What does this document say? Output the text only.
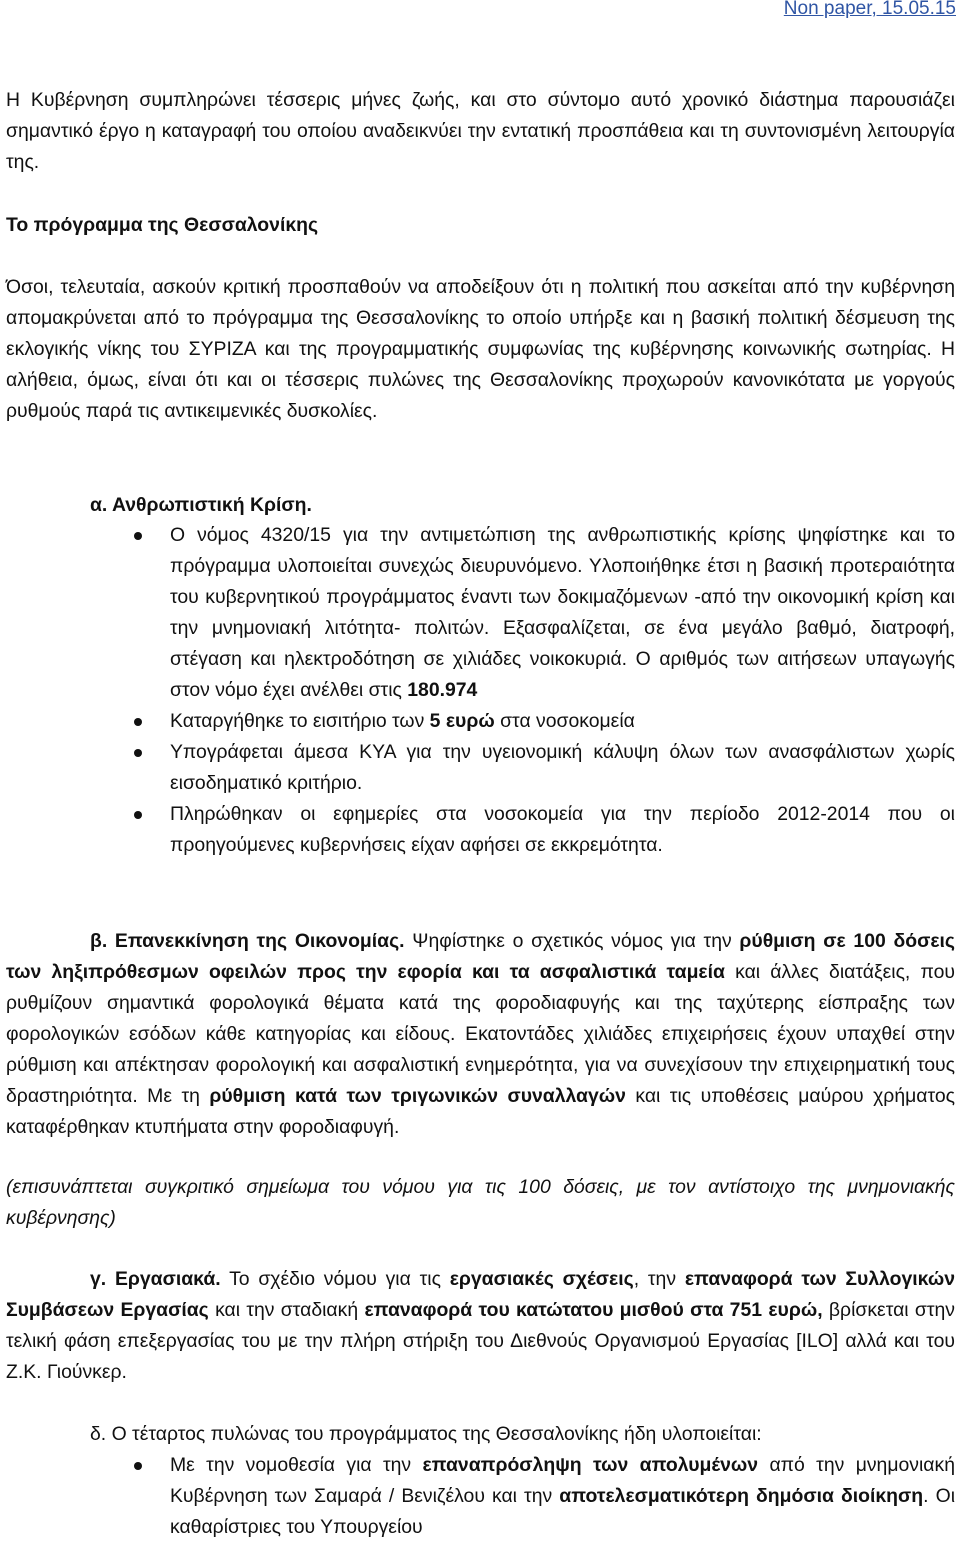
Non paper, 15.05.15
Η Κυβέρνηση συμπληρώνει τέσσερις μήνες ζωής, και στο σύντομο αυτό χρονικό διάστημα παρουσιάζει σημαντικό έργο η καταγραφή του οποίου αναδεικνύει την εντατική προσπάθεια και τη συντονισμένη λειτουργία της.
Το πρόγραμμα της Θεσσαλονίκης
Όσοι, τελευταία, ασκούν κριτική προσπαθούν να αποδείξουν ότι η πολιτική που ασκείται από την κυβέρνηση απομακρύνεται από το πρόγραμμα της Θεσσαλονίκης το οποίο υπήρξε και η βασική πολιτική δέσμευση της εκλογικής νίκης του ΣΥΡΙΖΑ και της προγραμματικής συμφωνίας της κυβέρνησης κοινωνικής σωτηρίας. Η αλήθεια, όμως, είναι ότι και οι τέσσερις πυλώνες της Θεσσαλονίκης προχωρούν κανονικότατα με γοργούς ρυθμούς παρά τις αντικειμενικές δυσκολίες.
α. Ανθρωπιστική Κρίση.
Ο νόμος 4320/15 για την αντιμετώπιση της ανθρωπιστικής κρίσης ψηφίστηκε και το πρόγραμμα υλοποιείται συνεχώς διευρυνόμενο. Υλοποιήθηκε έτσι η βασική προτεραιότητα του κυβερνητικού προγράμματος έναντι των δοκιμαζόμενων -από την οικονομική κρίση και την μνημονιακή λιτότητα- πολιτών. Εξασφαλίζεται, σε ένα μεγάλο βαθμό, διατροφή, στέγαση και ηλεκτροδότηση σε χιλιάδες νοικοκυριά. Ο αριθμός των αιτήσεων υπαγωγής στον νόμο έχει ανέλθει στις 180.974
Καταργήθηκε το εισιτήριο των 5 ευρώ στα νοσοκομεία
Υπογράφεται άμεσα ΚΥΑ για την υγειονομική κάλυψη όλων των ανασφάλιστων χωρίς εισοδηματικό κριτήριο.
Πληρώθηκαν οι εφημερίες στα νοσοκομεία για την περίοδο 2012-2014 που οι προηγούμενες κυβερνήσεις είχαν αφήσει σε εκκρεμότητα.
β. Επανεκκίνηση της Οικονομίας. Ψηφίστηκε ο σχετικός νόμος για την ρύθμιση σε 100 δόσεις των ληξιπρόθεσμων οφειλών προς την εφορία και τα ασφαλιστικά ταμεία και άλλες διατάξεις, που ρυθμίζουν σημαντικά φορολογικά θέματα κατά της φοροδιαφυγής και της ταχύτερης είσπραξης των φορολογικών εσόδων κάθε κατηγορίας και είδους. Εκατοντάδες χιλιάδες επιχειρήσεις έχουν υπαχθεί στην ρύθμιση και απέκτησαν φορολογική και ασφαλιστική ενημερότητα, για να συνεχίσουν την επιχειρηματική τους δραστηριότητα. Με τη ρύθμιση κατά των τριγωνικών συναλλαγών και τις υποθέσεις μαύρου χρήματος καταφέρθηκαν κτυπήματα στην φοροδιαφυγή.
(επισυνάπτεται συγκριτικό σημείωμα του νόμου για τις 100 δόσεις, με τον αντίστοιχο της μνημονιακής κυβέρνησης)
γ. Εργασιακά. Το σχέδιο νόμου για τις εργασιακές σχέσεις, την επαναφορά των Συλλογικών Συμβάσεων Εργασίας και την σταδιακή επαναφορά του κατώτατου μισθού στα 751 ευρώ, βρίσκεται στην τελική φάση επεξεργασίας του με την πλήρη στήριξη του Διεθνούς Οργανισμού Εργασίας [ILO] αλλά και του Ζ.Κ. Γιούνκερ.
δ. Ο τέταρτος πυλώνας του προγράμματος της Θεσσαλονίκης ήδη υλοποιείται:
Με την νομοθεσία για την επαναπρόσληψη των απολυμένων από την μνημονιακή Κυβέρνηση των Σαμαρά / Βενιζέλου και την αποτελεσματικότερη δημόσια διοίκηση. Οι καθαρίστριες του Υπουργείου
